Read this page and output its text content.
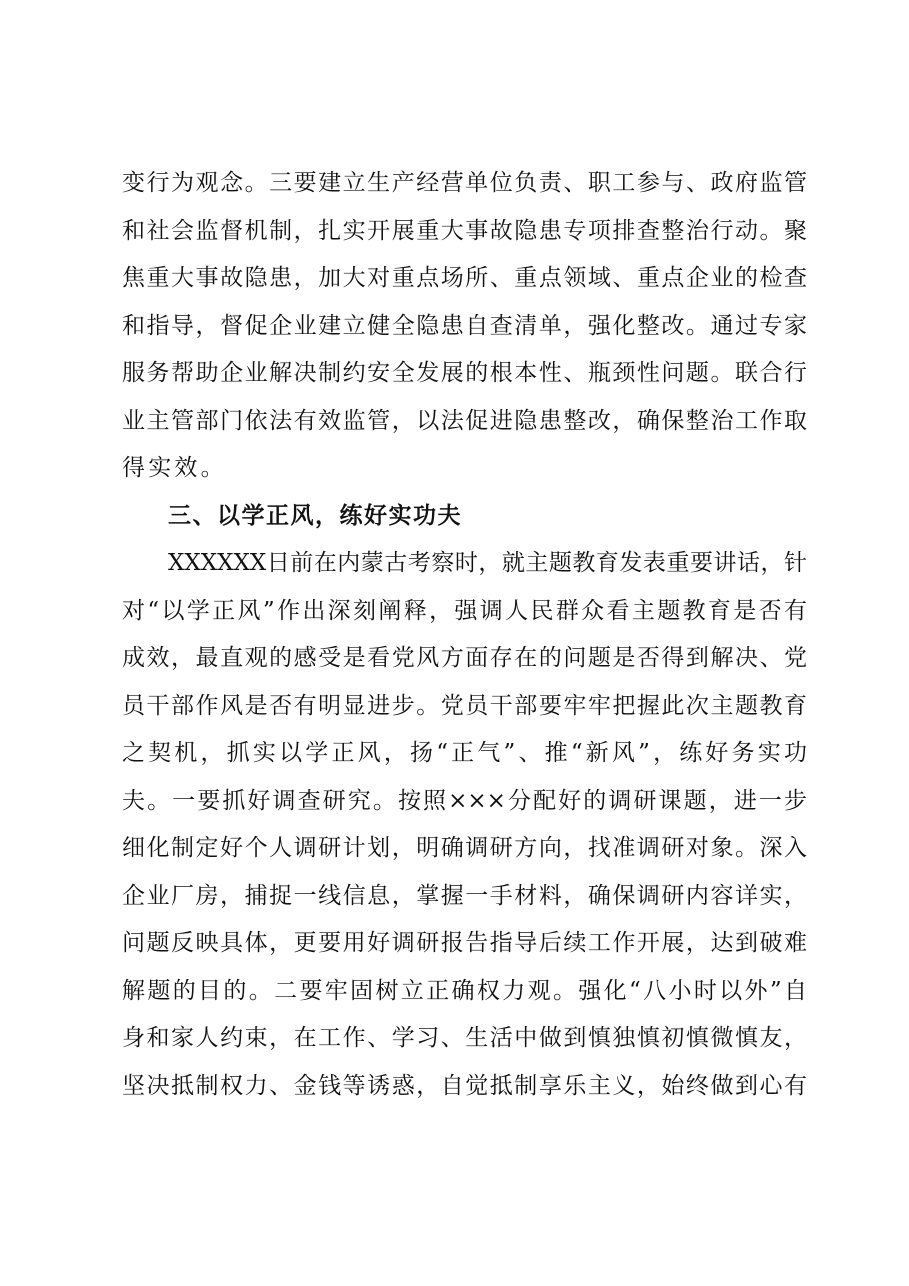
变行为观念。三要建立生产经营单位负责、职工参与、政府监管
和社会监督机制，扎实开展重大事故隐患专项排查整治行动。聚
焦重大事故隐患，加大对重点场所、重点领域、重点企业的检查
和指导，督促企业建立健全隐患自查清单，强化整改。通过专家
服务帮助企业解决制约安全发展的根本性、瓶颈性问题。联合行
业主管部门依法有效监管，以法促进隐患整改，确保整治工作取
得实效。
三、以学正风，练好实功夫
XXXXXX日前在内蒙古考察时，就主题教育发表重要讲话，针
对“以学正风”作出深刻阐释，强调人民群众看主题教育是否有
成效，最直观的感受是看党风方面存在的问题是否得到解决、党
员干部作风是否有明显进步。党员干部要牢牢把握此次主题教育
之契机，抓实以学正风，扬“正气”、推“新风”，练好务实功
夫。一要抓好调查研究。按照×××分配好的调研课题，进一步
细化制定好个人调研计划，明确调研方向，找准调研对象。深入
企业厂房，捕捉一线信息，掌握一手材料，确保调研内容详实，
问题反映具体，更要用好调研报告指导后续工作开展，达到破难
解题的目的。二要牢固树立正确权力观。强化“八小时以外”自
身和家人约束，在工作、学习、生活中做到慎独慎初慎微慎友，
坚决抵制权力、金钱等诱惑，自觉抵制享乐主义，始终做到心有
